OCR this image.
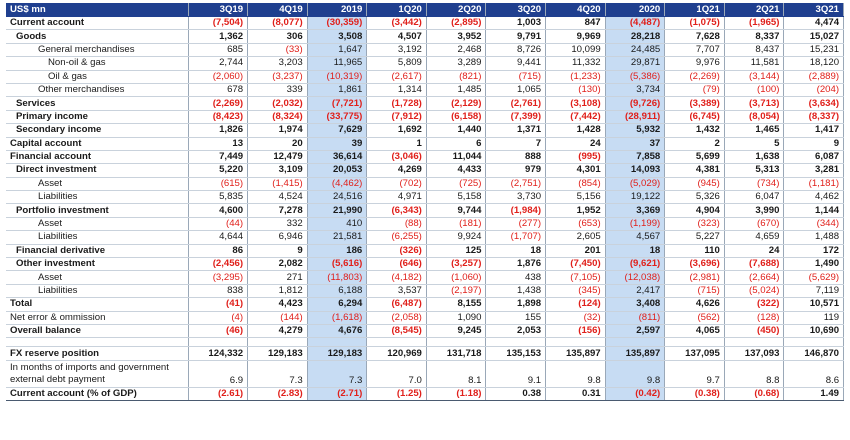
US$ mn	3Q19	4Q19	2019	1Q20	2Q20	3Q20	4Q20	2020	1Q21	2Q21	3Q21
Current account	(7,504)	(8,077)	(30,359)	(3,442)	(2,895)	1,003	847	(4,487)	(1,075)	(1,965)	4,474
Goods	1,362	306	3,508	4,507	3,952	9,791	9,969	28,218	7,628	8,337	15,027
General merchandises	685	(33)	1,647	3,192	2,468	8,726	10,099	24,485	7,707	8,437	15,231
Non-oil & gas	2,744	3,203	11,965	5,809	3,289	9,441	11,332	29,871	9,976	11,581	18,120
Oil & gas	(2,060)	(3,237)	(10,319)	(2,617)	(821)	(715)	(1,233)	(5,386)	(2,269)	(3,144)	(2,889)
Other merchandises	678	339	1,861	1,314	1,485	1,065	(130)	3,734	(79)	(100)	(204)
Services	(2,269)	(2,032)	(7,721)	(1,728)	(2,129)	(2,761)	(3,108)	(9,726)	(3,389)	(3,713)	(3,634)
Primary income	(8,423)	(8,324)	(33,775)	(7,912)	(6,158)	(7,399)	(7,442)	(28,911)	(6,745)	(8,054)	(8,337)
Secondary income	1,826	1,974	7,629	1,692	1,440	1,371	1,428	5,932	1,432	1,465	1,417
Capital account	13	20	39	1	6	7	24	37	2	5	9
Financial account	7,449	12,479	36,614	(3,046)	11,044	888	(995)	7,858	5,699	1,638	6,087
Direct investment	5,220	3,109	20,053	4,269	4,433	979	4,301	14,093	4,381	5,313	3,281
Asset	(615)	(1,415)	(4,462)	(702)	(725)	(2,751)	(854)	(5,029)	(945)	(734)	(1,181)
Liabilities	5,835	4,524	24,516	4,971	5,158	3,730	5,156	19,122	5,326	6,047	4,462
Portfolio investment	4,600	7,278	21,990	(6,343)	9,744	(1,984)	1,952	3,369	4,904	3,990	1,144
Asset	(44)	332	410	(88)	(181)	(277)	(653)	(1,199)	(323)	(670)	(344)
Liabilities	4,644	6,946	21,581	(6,255)	9,924	(1,707)	2,605	4,567	5,227	4,659	1,488
Financial derivative	86	9	186	(326)	125	18	201	18	110	24	172
Other investment	(2,456)	2,082	(5,616)	(646)	(3,257)	1,876	(7,450)	(9,621)	(3,696)	(7,688)	1,490
Asset	(3,295)	271	(11,803)	(4,182)	(1,060)	438	(7,105)	(12,038)	(2,981)	(2,664)	(5,629)
Liabilities	838	1,812	6,188	3,537	(2,197)	1,438	(345)	2,417	(715)	(5,024)	7,119
Total	(41)	4,423	6,294	(6,487)	8,155	1,898	(124)	3,408	4,626	(322)	10,571
Net error & ommission	(4)	(144)	(1,618)	(2,058)	1,090	155	(32)	(811)	(562)	(128)	119
Overall balance	(46)	4,279	4,676	(8,545)	9,245	2,053	(156)	2,597	4,065	(450)	10,690

FX reserve position	124,332	129,183	129,183	120,969	131,718	135,153	135,897	135,897	137,095	137,093	146,870
In months of imports and government external debt payment	6.9	7.3	7.3	7.0	8.1	9.1	9.8	9.8	9.7	8.8	8.6
Current account (% of GDP)	(2.61)	(2.83)	(2.71)	(1.25)	(1.18)	0.38	0.31	(0.42)	(0.38)	(0.68)	1.49
